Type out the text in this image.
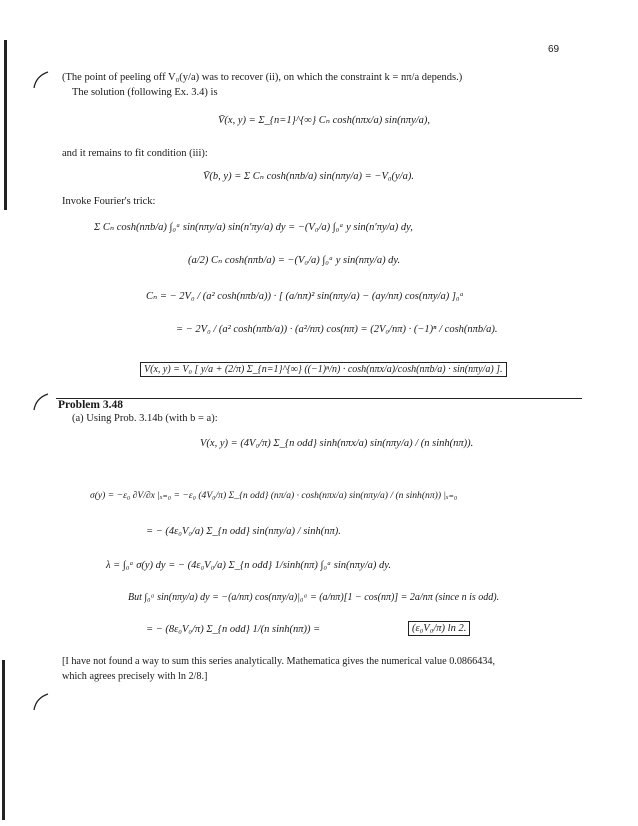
69
(The point of peeling off V₀(y/a) was to recover (ii), on which the constraint k = nπ/a depends.)
The solution (following Ex. 3.4) is
V̄(x, y) = Σ_{n=1}^{∞} Cₙ cosh(nπx/a) sin(nπy/a),
and it remains to fit condition (iii):
V̄(b, y) = Σ Cₙ cosh(nπb/a) sin(nπy/a) = −V₀(y/a).
Invoke Fourier's trick:
Σ Cₙ cosh(nπb/a) ∫₀ᵃ sin(nπy/a) sin(n′πy/a) dy = −(V₀/a) ∫₀ᵃ y sin(n′πy/a) dy,
(a/2) Cₙ cosh(nπb/a) = −(V₀/a) ∫₀ᵃ y sin(nπy/a) dy.
Cₙ = − 2V₀ / (a² cosh(nπb/a)) · [ (a/nπ)² sin(nπy/a) − (ay/nπ) cos(nπy/a) ]₀ᵃ
= − 2V₀ / (a² cosh(nπb/a)) · (a²/nπ) cos(nπ) = (2V₀/nπ) · (−1)ⁿ / cosh(nπb/a).
V(x, y) = V₀ [ y/a + (2/π) Σ_{n=1}^{∞} ((−1)ⁿ/n) · cosh(nπx/a)/cosh(nπb/a) · sin(nπy/a) ].
Problem 3.48
(a) Using Prob. 3.14b (with b = a):
V(x, y) = (4V₀/π) Σ_{n odd} sinh(nπx/a) sin(nπy/a) / (n sinh(nπ)).
σ(y) = −ε₀ ∂V/∂x |ₓ₌₀ = −ε₀ (4V₀/π) Σ_{n odd} (nπ/a) · cosh(nπx/a) sin(nπy/a) / (n sinh(nπ)) |ₓ₌₀
= − (4ε₀V₀/a) Σ_{n odd} sin(nπy/a) / sinh(nπ).
λ = ∫₀ᵃ σ(y) dy = − (4ε₀V₀/a) Σ_{n odd} 1/sinh(nπ) ∫₀ᵃ sin(nπy/a) dy.
But ∫₀ᵃ sin(nπy/a) dy = −(a/nπ) cos(nπy/a)|₀ᵃ = (a/nπ)[1 − cos(nπ)] = 2a/nπ (since n is odd).
= − (8ε₀V₀/π) Σ_{n odd} 1/(n sinh(nπ)) =	(ε₀V₀/π) ln 2.
[I have not found a way to sum this series analytically. Mathematica gives the numerical value 0.0866434,
which agrees precisely with ln 2/8.]
